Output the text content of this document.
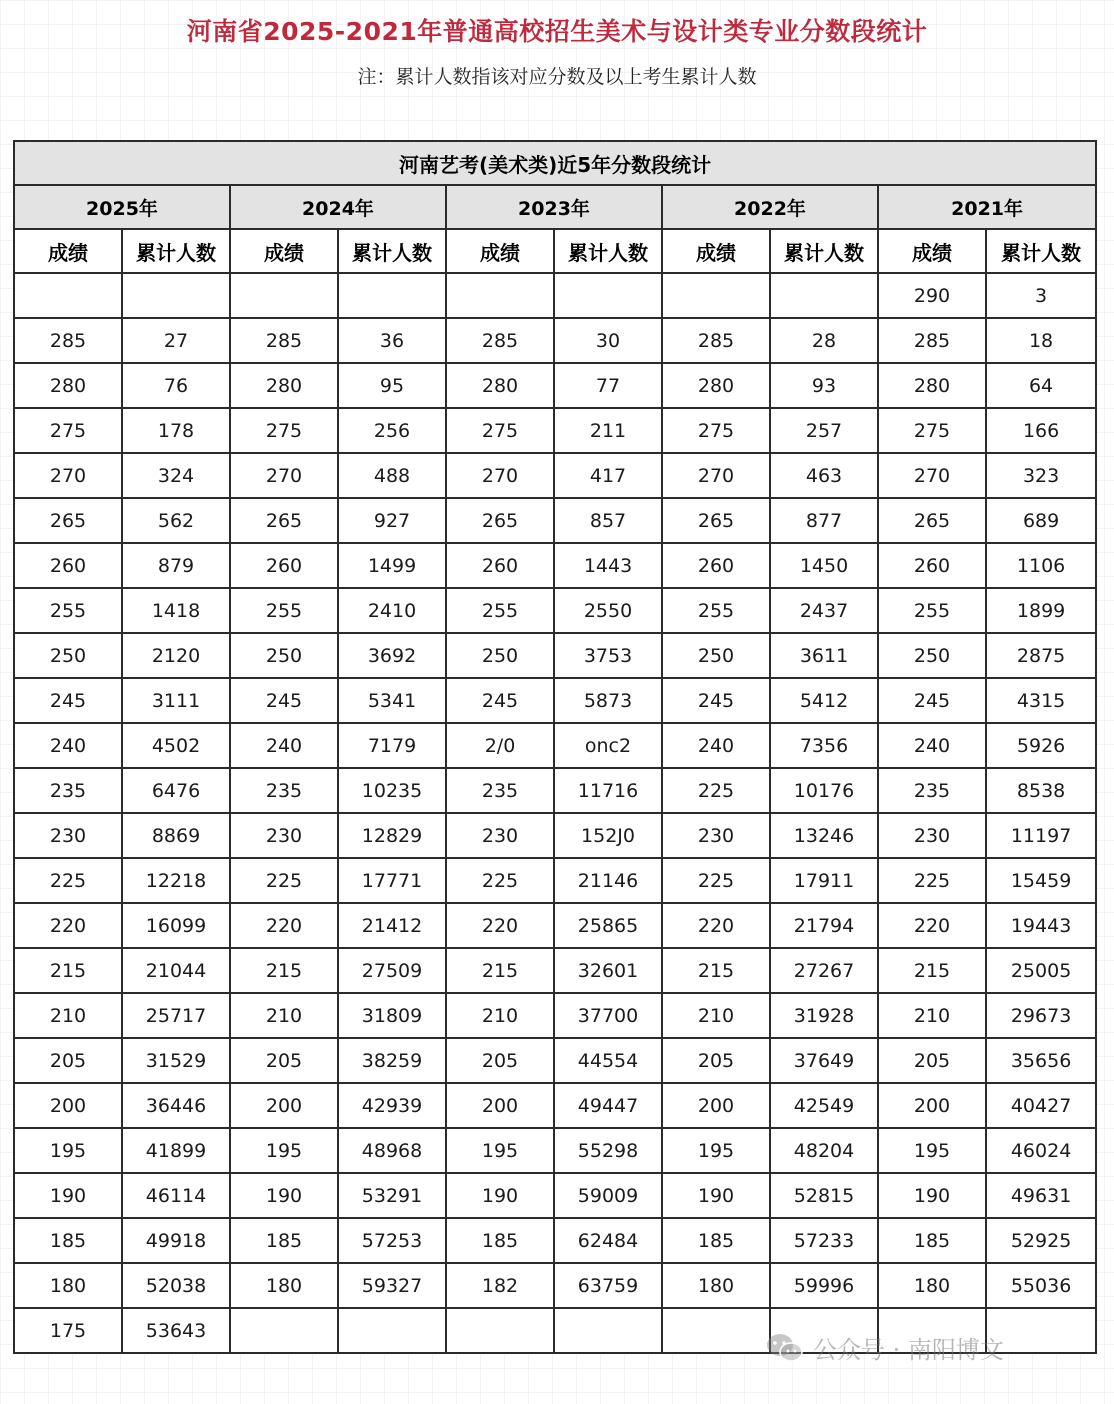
河南省2025-2021年普通高校招生美术与设计类专业分数段统计
注：累计人数指该对应分数及以上考生累计人数
河南艺考(美术类)近5年分数段统计									
2025年		2024年		2023年		2022年		2021年	
成绩	累计人数	成绩	累计人数	成绩	累计人数	成绩	累计人数	成绩	累计人数
								290	3
285	27	285	36	285	30	285	28	285	18
280	76	280	95	280	77	280	93	280	64
275	178	275	256	275	211	275	257	275	166
270	324	270	488	270	417	270	463	270	323
265	562	265	927	265	857	265	877	265	689
260	879	260	1499	260	1443	260	1450	260	1106
255	1418	255	2410	255	2550	255	2437	255	1899
250	2120	250	3692	250	3753	250	3611	250	2875
245	3111	245	5341	245	5873	245	5412	245	4315
240	4502	240	7179	2/0	onc2	240	7356	240	5926
235	6476	235	10235	235	11716	225	10176	235	8538
230	8869	230	12829	230	152J0	230	13246	230	11197
225	12218	225	17771	225	21146	225	17911	225	15459
220	16099	220	21412	220	25865	220	21794	220	19443
215	21044	215	27509	215	32601	215	27267	215	25005
210	25717	210	31809	210	37700	210	31928	210	29673
205	31529	205	38259	205	44554	205	37649	205	35656
200	36446	200	42939	200	49447	200	42549	200	40427
195	41899	195	48968	195	55298	195	48204	195	46024
190	46114	190	53291	190	59009	190	52815	190	49631
185	49918	185	57253	185	62484	185	57233	185	52925
180	52038	180	59327	182	63759	180	59996	180	55036
175	53643								
公众号 · 南阳博文
